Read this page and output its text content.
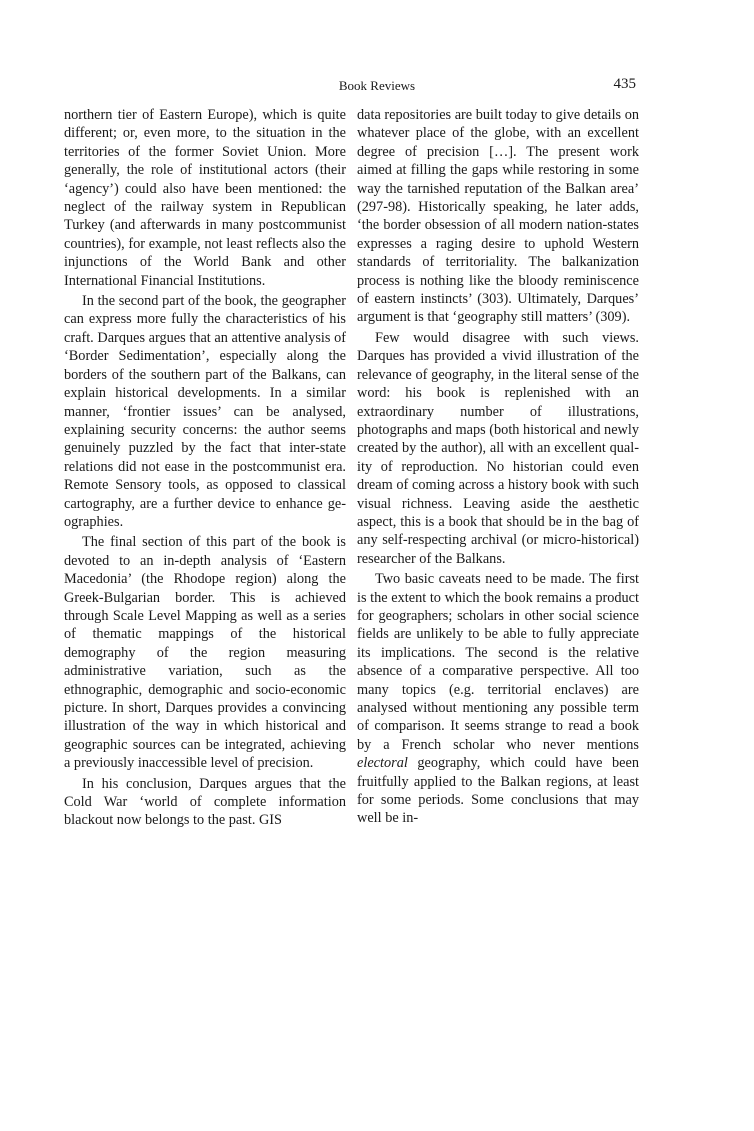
Book Reviews	435

northern tier of Eastern Europe), which is quite different; or, even more, to the situation in the territories of the former Soviet Union. More generally, the role of institutional actors (their ‘agency’) could also have been mentioned: the neglect of the railway system in Republican Turkey (and afterwards in many postcommunist countries), for example, not least reflects also the injunctions of the World Bank and other International Financial Institutions.

In the second part of the book, the geographer can express more fully the characteristics of his craft. Darques argues that an attentive analysis of ‘Border Sedimentation’, especially along the borders of the southern part of the Balkans, can explain historical developments. In a similar manner, ‘frontier issues’ can be analysed, explaining security concerns: the author seems genuinely puzzled by the fact that inter-state relations did not ease in the postcommunist era. Remote Sensory tools, as opposed to classical cartography, are a further device to enhance geographies.

The final section of this part of the book is devoted to an in-depth analysis of ‘Eastern Macedonia’ (the Rhodope region) along the Greek-Bulgarian border. This is achieved through Scale Level Mapping as well as a series of thematic mappings of the historical demography of the region measuring administrative variation, such as the ethnographic, demographic and socio-economic picture. In short, Darques provides a convincing illustration of the way in which historical and geographic sources can be integrated, achieving a previously inaccessible level of precision.

In his conclusion, Darques argues that the Cold War ‘world of complete information blackout now belongs to the past. GIS

data repositories are built today to give details on whatever place of the globe, with an excellent degree of precision […]. The present work aimed at filling the gaps while restoring in some way the tarnished reputation of the Balkan area’ (297-98). Historically speaking, he later adds, ‘the border obsession of all modern nation-states expresses a raging desire to uphold Western standards of territoriality. The balkanization process is nothing like the bloody reminiscence of eastern instincts’ (303). Ultimately, Darques’ argument is that ‘geography still matters’ (309).

Few would disagree with such views. Darques has provided a vivid illustration of the relevance of geography, in the literal sense of the word: his book is replenished with an extraordinary number of illustrations, photographs and maps (both historical and newly created by the author), all with an excellent quality of reproduction. No historian could even dream of coming across a history book with such visual richness. Leaving aside the aesthetic aspect, this is a book that should be in the bag of any self-respecting archival (or micro-historical) researcher of the Balkans.

Two basic caveats need to be made. The first is the extent to which the book remains a product for geographers; scholars in other social science fields are unlikely to be able to fully appreciate its implications. The second is the relative absence of a comparative perspective. All too many topics (e.g. territorial enclaves) are analysed without mentioning any possible term of comparison. It seems strange to read a book by a French scholar who never mentions electoral geography, which could have been fruitfully applied to the Balkan regions, at least for some periods. Some conclusions that may well be in-
